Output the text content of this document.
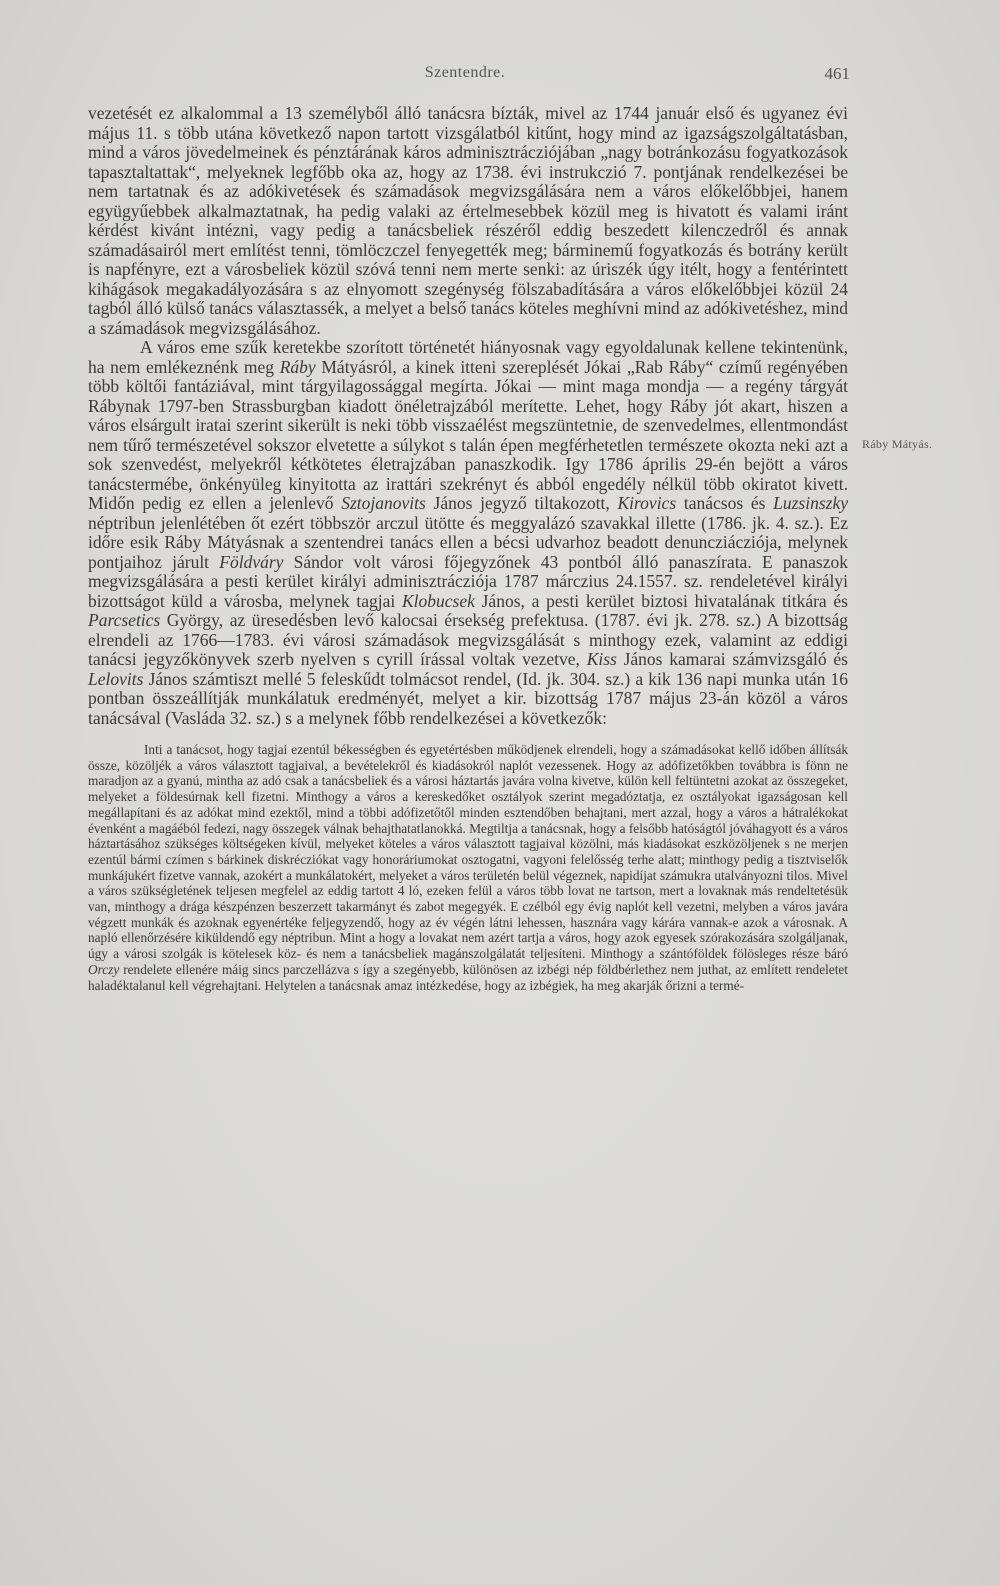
Szentendre.	461
Ráby Mátyás.

vezetését ez alkalommal a 13 személyből álló tanácsra bízták, mivel az 1744 január első és ugyanez évi május 11. s több utána következő napon tartott vizsgálatból kitűnt, hogy mind az igazságszolgáltatásban, mind a város jövedelmeinek és pénztárának káros adminisztrácziójában „nagy botránkozásu fogyatkozások tapasztaltattak“, melyeknek legfőbb oka az, hogy az 1738. évi instrukczió 7. pontjának rendelkezései be nem tartatnak és az adókivetések és számadások megvizsgálására nem a város előkelőbbjei, hanem együgyűebbek alkalmaztatnak, ha pedig valaki az értelmesebbek közül meg is hivatott és valami iránt kérdést kivánt intézni, vagy pedig a tanácsbeliek részéről eddig beszedett kilenczedről és annak számadásairól mert említést tenni, tömlöczczel fenyegették meg; bárminemű fogyatkozás és botrány került is napfényre, ezt a városbeliek közül szóvá tenni nem merte senki: az úriszék úgy itélt, hogy a fentérintett kihágások megakadályozására s az elnyomott szegénység fölszabadítására a város előkelőbbjei közül 24 tagból álló külső tanács választassék, a melyet a belső tanács köteles meghívni mind az adókivetéshez, mind a számadások megvizsgálásához.

A város eme szűk keretekbe szorított történetét hiányosnak vagy egyoldalunak kellene tekintenünk, ha nem emlékeznénk meg Ráby Mátyásról, a kinek itteni szereplését Jókai „Rab Ráby“ czímű regényében több költői fantáziával, mint tárgyilagossággal megírta. Jókai — mint maga mondja — a regény tárgyát Rábynak 1797-ben Strassburgban kiadott önéletrajzából merítette. Lehet, hogy Ráby jót akart, hiszen a város elsárgult iratai szerint sikerült is neki több visszaélést megszüntetnie, de szenvedelmes, ellentmondást nem tűrő természetével sokszor elvetette a súlykot s talán épen megférhetetlen természete okozta neki azt a sok szenvedést, melyekről kétkötetes életrajzában panaszkodik. Igy 1786 április 29-én bejött a város tanácstermébe, önkényüleg kinyitotta az irattári szekrényt és abból engedély nélkül több okiratot kivett. Midőn pedig ez ellen a jelenlevő Sztojanovits János jegyző tiltakozott, Kirovics tanácsos és Luzsinszky néptribun jelenlétében őt ezért többször arczul ütötte és meggyalázó szavakkal illette (1786. jk. 4. sz.). Ez időre esik Ráby Mátyásnak a szentendrei tanács ellen a bécsi udvarhoz beadott denuncziácziója, melynek pontjaihoz járult Földváry Sándor volt városi főjegyzőnek 43 pontból álló panaszírata. E panaszok megvizsgálására a pesti kerület királyi adminisztrácziója 1787 márczius 24.1557. sz. rendeletével királyi bizottságot küld a városba, melynek tagjai Klobucsek János, a pesti kerület biztosi hivatalának titkára és Parcsetics György, az üresedésben levő kalocsai érsekség prefektusa. (1787. évi jk. 278. sz.) A bizottság elrendeli az 1766—1783. évi városi számadások megvizsgálását s minthogy ezek, valamint az eddigi tanácsi jegyzőkönyvek szerb nyelven s cyrill írással voltak vezetve, Kiss János kamarai számvizsgáló és Lelovits János számtiszt mellé 5 feleskűdt tolmácsot rendel, (Id. jk. 304. sz.) a kik 136 napi munka után 16 pontban összeállítják munkálatuk eredményét, melyet a kir. bizottság 1787 május 23-án közöl a város tanácsával (Vasláda 32. sz.) s a melynek főbb rendelkezései a következők:

Inti a tanácsot, hogy tagjai ezentúl békességben és egyetértésben működjenek elrendeli, hogy a számadásokat kellő időben állítsák össze, közöljék a város választott tagjaival, a bevételekről és kiadásokról naplót vezessenek. Hogy az adófizetőkben továbbra is fönn ne maradjon az a gyanú, mintha az adó csak a tanácsbeliek és a városi háztartás javára volna kivetve, külön kell feltüntetni azokat az összegeket, melyeket a földesúrnak kell fizetni. Minthogy a város a kereskedőket osztályok szerint megadóztatja, ez osztályokat igazságosan kell megállapítani és az adókat mind ezektől, mind a többi adófizetőtől minden esztendőben behajtani, mert azzal, hogy a város a hátralékokat évenként a magáéból fedezi, nagy összegek válnak behajthatatlanokká. Megtiltja a tanácsnak, hogy a felsőbb hatóságtól jóváhagyott és a város háztartásához szükséges költségeken kívül, melyeket köteles a város választott tagjaival közölni, más kiadásokat eszközöljenek s ne merjen ezentúl bármi czímen s bárkinek diskrécziókat vagy honoráriumokat osztogatni, vagyoni felelősség terhe alatt; minthogy pedig a tisztviselők munkájukért fizetve vannak, azokért a munkálatokért, melyeket a város területén belül végeznek, napidíjat számukra utalványozni tilos. Mivel a város szükségletének teljesen megfelel az eddig tartott 4 ló, ezeken felül a város több lovat ne tartson, mert a lovaknak más rendeltetésük van, minthogy a drága készpénzen beszerzett takarmányt és zabot megegyék. E czélból egy évig naplót kell vezetni, melyben a város javára végzett munkák és azoknak egyenértéke feljegyzendő, hogy az év végén látni lehessen, hasznára vagy kárára vannak-e azok a városnak. A napló ellenőrzésére kiküldendő egy néptribun. Mint a hogy a lovakat nem azért tartja a város, hogy azok egyesek szórakozására szolgáljanak, úgy a városi szolgák is kötelesek köz- és nem a tanácsbeliek magánszolgálatát teljesíteni. Minthogy a szántóföldek fölösleges része báró Orczy rendelete ellenére máig sincs parczellázva s így a szegényebb, különösen az izbégi nép földbérlethez nem juthat, az említett rendeletet haladéktalanul kell végrehajtani. Helytelen a tanácsnak amaz intézkedése, hogy az izbégiek, ha meg akarják őrizni a termé-
